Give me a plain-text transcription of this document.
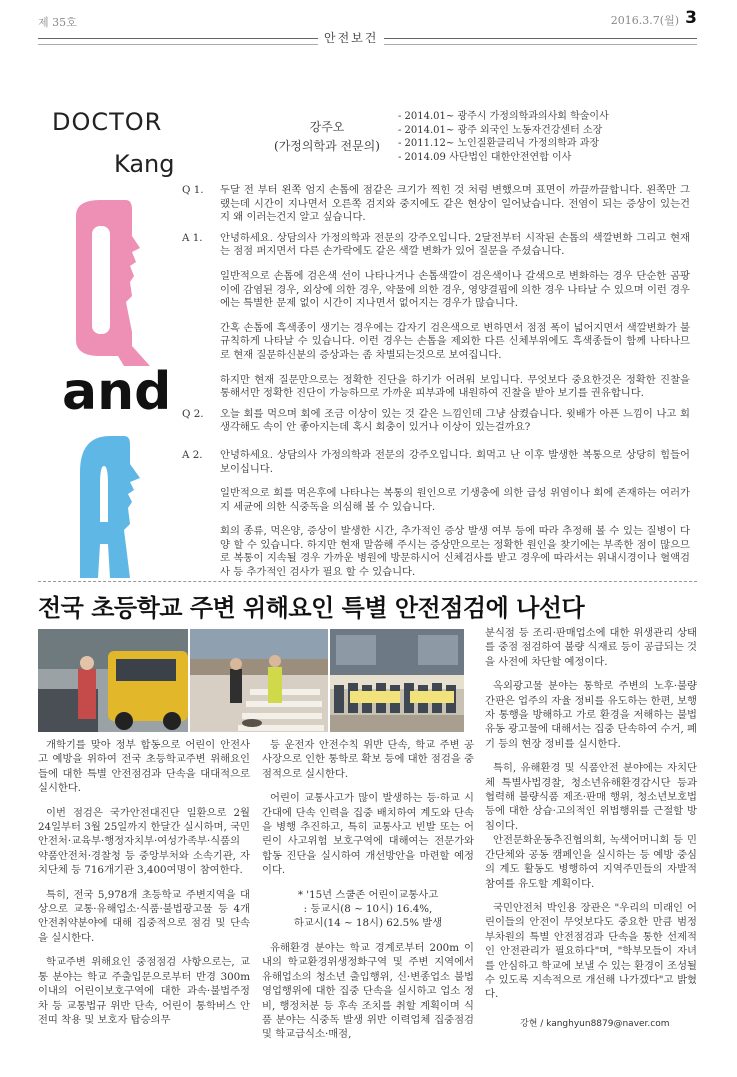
제 35호
안전보건
2016.3.7(월) 3
DOCTOR
Kang
강주오
(가정의학과 전문의)
- 2014.01~ 광주시 가정의학과의사회 학술이사
- 2014.01~ 광주 외국인 노동자건강센터 소장
- 2011.12~ 노인질환클리닉 가정의학과 과장
- 2014.09 사단법인 대한안전연합 이사
and
Q 1.	두달 전 부터 왼쪽 엄지 손톱에 점같은 크기가 찍힌 것 처럼 변했으며 표면이 까끌까끌합니다. 왼쪽만 그랬는데 시간이 지나면서 오른쪽 검지와 중지에도 같은 현상이 일어났습니다. 전염이 되는 증상이 있는건지 왜 이러는건지 알고 싶습니다.
A 1.	안녕하세요. 상담의사 가정의학과 전문의 강주오입니다. 2달전부터 시작된 손톱의 색깔변화 그리고 현재는 점점 퍼지면서 다른 손가락에도 같은 색깔 변화가 있어 질문을 주셨습니다.

일반적으로 손톱에 검은색 선이 나타나거나 손톱색깔이 검은색이나 갈색으로 변화하는 경우 단순한 곰팡이에 감염된 경우, 외상에 의한 경우, 약물에 의한 경우, 영양결핍에 의한 경우 나타날 수 있으며 이런 경우에는 특별한 문제 없이 시간이 지나면서 없어지는 경우가 많습니다.

간혹 손톱에 흑색종이 생기는 경우에는 갑자기 검은색으로 변하면서 점점 폭이 넓어지면서 색깔변화가 불규칙하게 나타날 수 있습니다. 이런 경우는 손톱을 제외한 다른 신체부위에도 흑색종들이 함께 나타나므로 현재 질문하신분의 증상과는 좀 차별되는것으로 보여집니다.

하지만 현재 질문만으로는 정확한 진단을 하기가 어려워 보입니다. 무엇보다 중요한것은 정확한 진찰을 통해서만 정확한 진단이 가능하므로 가까운 피부과에 내원하여 진찰을 받아 보기를 권유합니다.

Q 2.	오늘 회를 먹으며 회에 조금 이상이 있는 것 같은 느낌인데 그냥 삼켰습니다. 윗배가 아픈 느낌이 나고 회 생각해도 속이 안 좋아지는데 혹시 회충이 있거나 이상이 있는걸까요?
A 2.	안녕하세요. 상담의사 가정의학과 전문의 강주오입니다. 회먹고 난 이후 발생한 복통으로 상당히 힘들어 보이십니다.

일반적으로 회를 먹은후에 나타나는 복통의 원인으로 기생충에 의한 급성 위염이나 회에 존재하는 여러가지 세균에 의한 식중독을 의심해 볼 수 있습니다.

회의 종류, 먹은양, 증상이 발생한 시간, 추가적인 증상 발생 여부 등에 따라 추정해 볼 수 있는 질병이 다양 할 수 있습니다. 하지만 현재 말씀해 주시는 증상만으로는 정확한 원인을 찾기에는 부족한 점이 많으므로 복통이 지속될 경우 가까운 병원에 방문하시어 신체검사를 받고 경우에 따라서는 위내시경이나 혈액검사 등 추가적인 검사가 필요 할 수 있습니다.

전국 초등학교 주변 위해요인 특별 안전점검에 나선다

개학기를 맞아 정부 합동으로 어린이 안전사고 예방을 위하여 전국 초등학교주변 위해요인들에 대한 특별 안전점검과 단속을 대대적으로 실시한다.

이번 점검은 국가안전대진단 일환으로 2월 24일부터 3월 25일까지 한달간 실시하며, 국민안전처·교육부·행정자치부·여성가족부·식품의약품안전처·경찰청 등 중앙부처와 소속기관, 자치단체 등 716개기관 3,400여명이 참여한다.

특히, 전국 5,978개 초등학교 주변지역을 대상으로 교통·유해업소·식품·불법광고물 등 4개 안전취약분야에 대해 집중적으로 점검 및 단속을 실시한다.

학교주변 위해요인 중점점검 사항으로는, 교통 분야는 학교 주출입문으로부터 반경 300m 이내의 어린이보호구역에 대한 과속·불법주정차 등 교통법규 위반 단속, 어린이 통학버스 안전띠 착용 및 보호자 탑승의무

등 운전자 안전수칙 위반 단속, 학교 주변 공사장으로 인한 통학로 확보 등에 대한 점검을 중점적으로 실시한다.

어린이 교통사고가 많이 발생하는 등·하교 시간대에 단속 인력을 집중 배치하여 계도와 단속을 병행 추진하고, 특히 교통사고 빈발 또는 어린이 사고위험 보호구역에 대해여는 전문가와 합동 진단을 실시하여 개선방안을 마련할 예정이다.

* '15년 스쿨존 어린이교통사고

: 등교시(8 ~ 10시) 16.4%,

하교시(14 ~ 18시) 62.5% 발생

유해환경 분야는 학교 경계로부터 200m 이내의 학교환경위생정화구역 및 주변 지역에서 유해업소의 청소년 출입행위, 신·변종업소 불법 영업행위에 대한 집중 단속을 실시하고 업소 정비, 행정처분 등 후속 조치를 취할 계획이며 식품 분야는 식중독 발생 위반 이력업체 집중점검 및 학교급식소·매점,

분식점 등 조리·판매업소에 대한 위생관리 상태를 중점 점검하여 불량 식재료 등이 공급되는 것을 사전에 차단할 예정이다.

옥외광고물 분야는 통학로 주변의 노후·불량 간판은 업주의 자율 정비를 유도하는 한편, 보행자 통행을 방해하고 가로 환경을 저해하는 불법 유동 광고물에 대해서는 집중 단속하여 수거, 폐기 등의 현장 정비를 실시한다.

특히, 유해환경 및 식품안전 분야에는 자치단체 특별사법경찰, 청소년유해환경감시단 등과 협력해 불량식품 제조·판매 행위, 청소년보호법 등에 대한 상습·고의적인 위법행위를 근절할 방침이다.

안전문화운동추진협의회, 녹색어머니회 등 민간단체와 공동 캠페인을 실시하는 등 예방 중심의 계도 활동도 병행하여 지역주민들의 자발적 참여를 유도할 계획이다.

국민안전처 박인용 장관은 "우리의 미래인 어린이들의 안전이 무엇보다도 중요한 만큼 범정부차원의 특별 안전점검과 단속을 통한 선제적인 안전관리가 필요하다"며, "학부모들이 자녀를 안심하고 학교에 보낼 수 있는 환경이 조성될 수 있도록 지속적으로 개선해 나가겠다"고 밝혔다.

강현 / kanghyun8879@naver.com
